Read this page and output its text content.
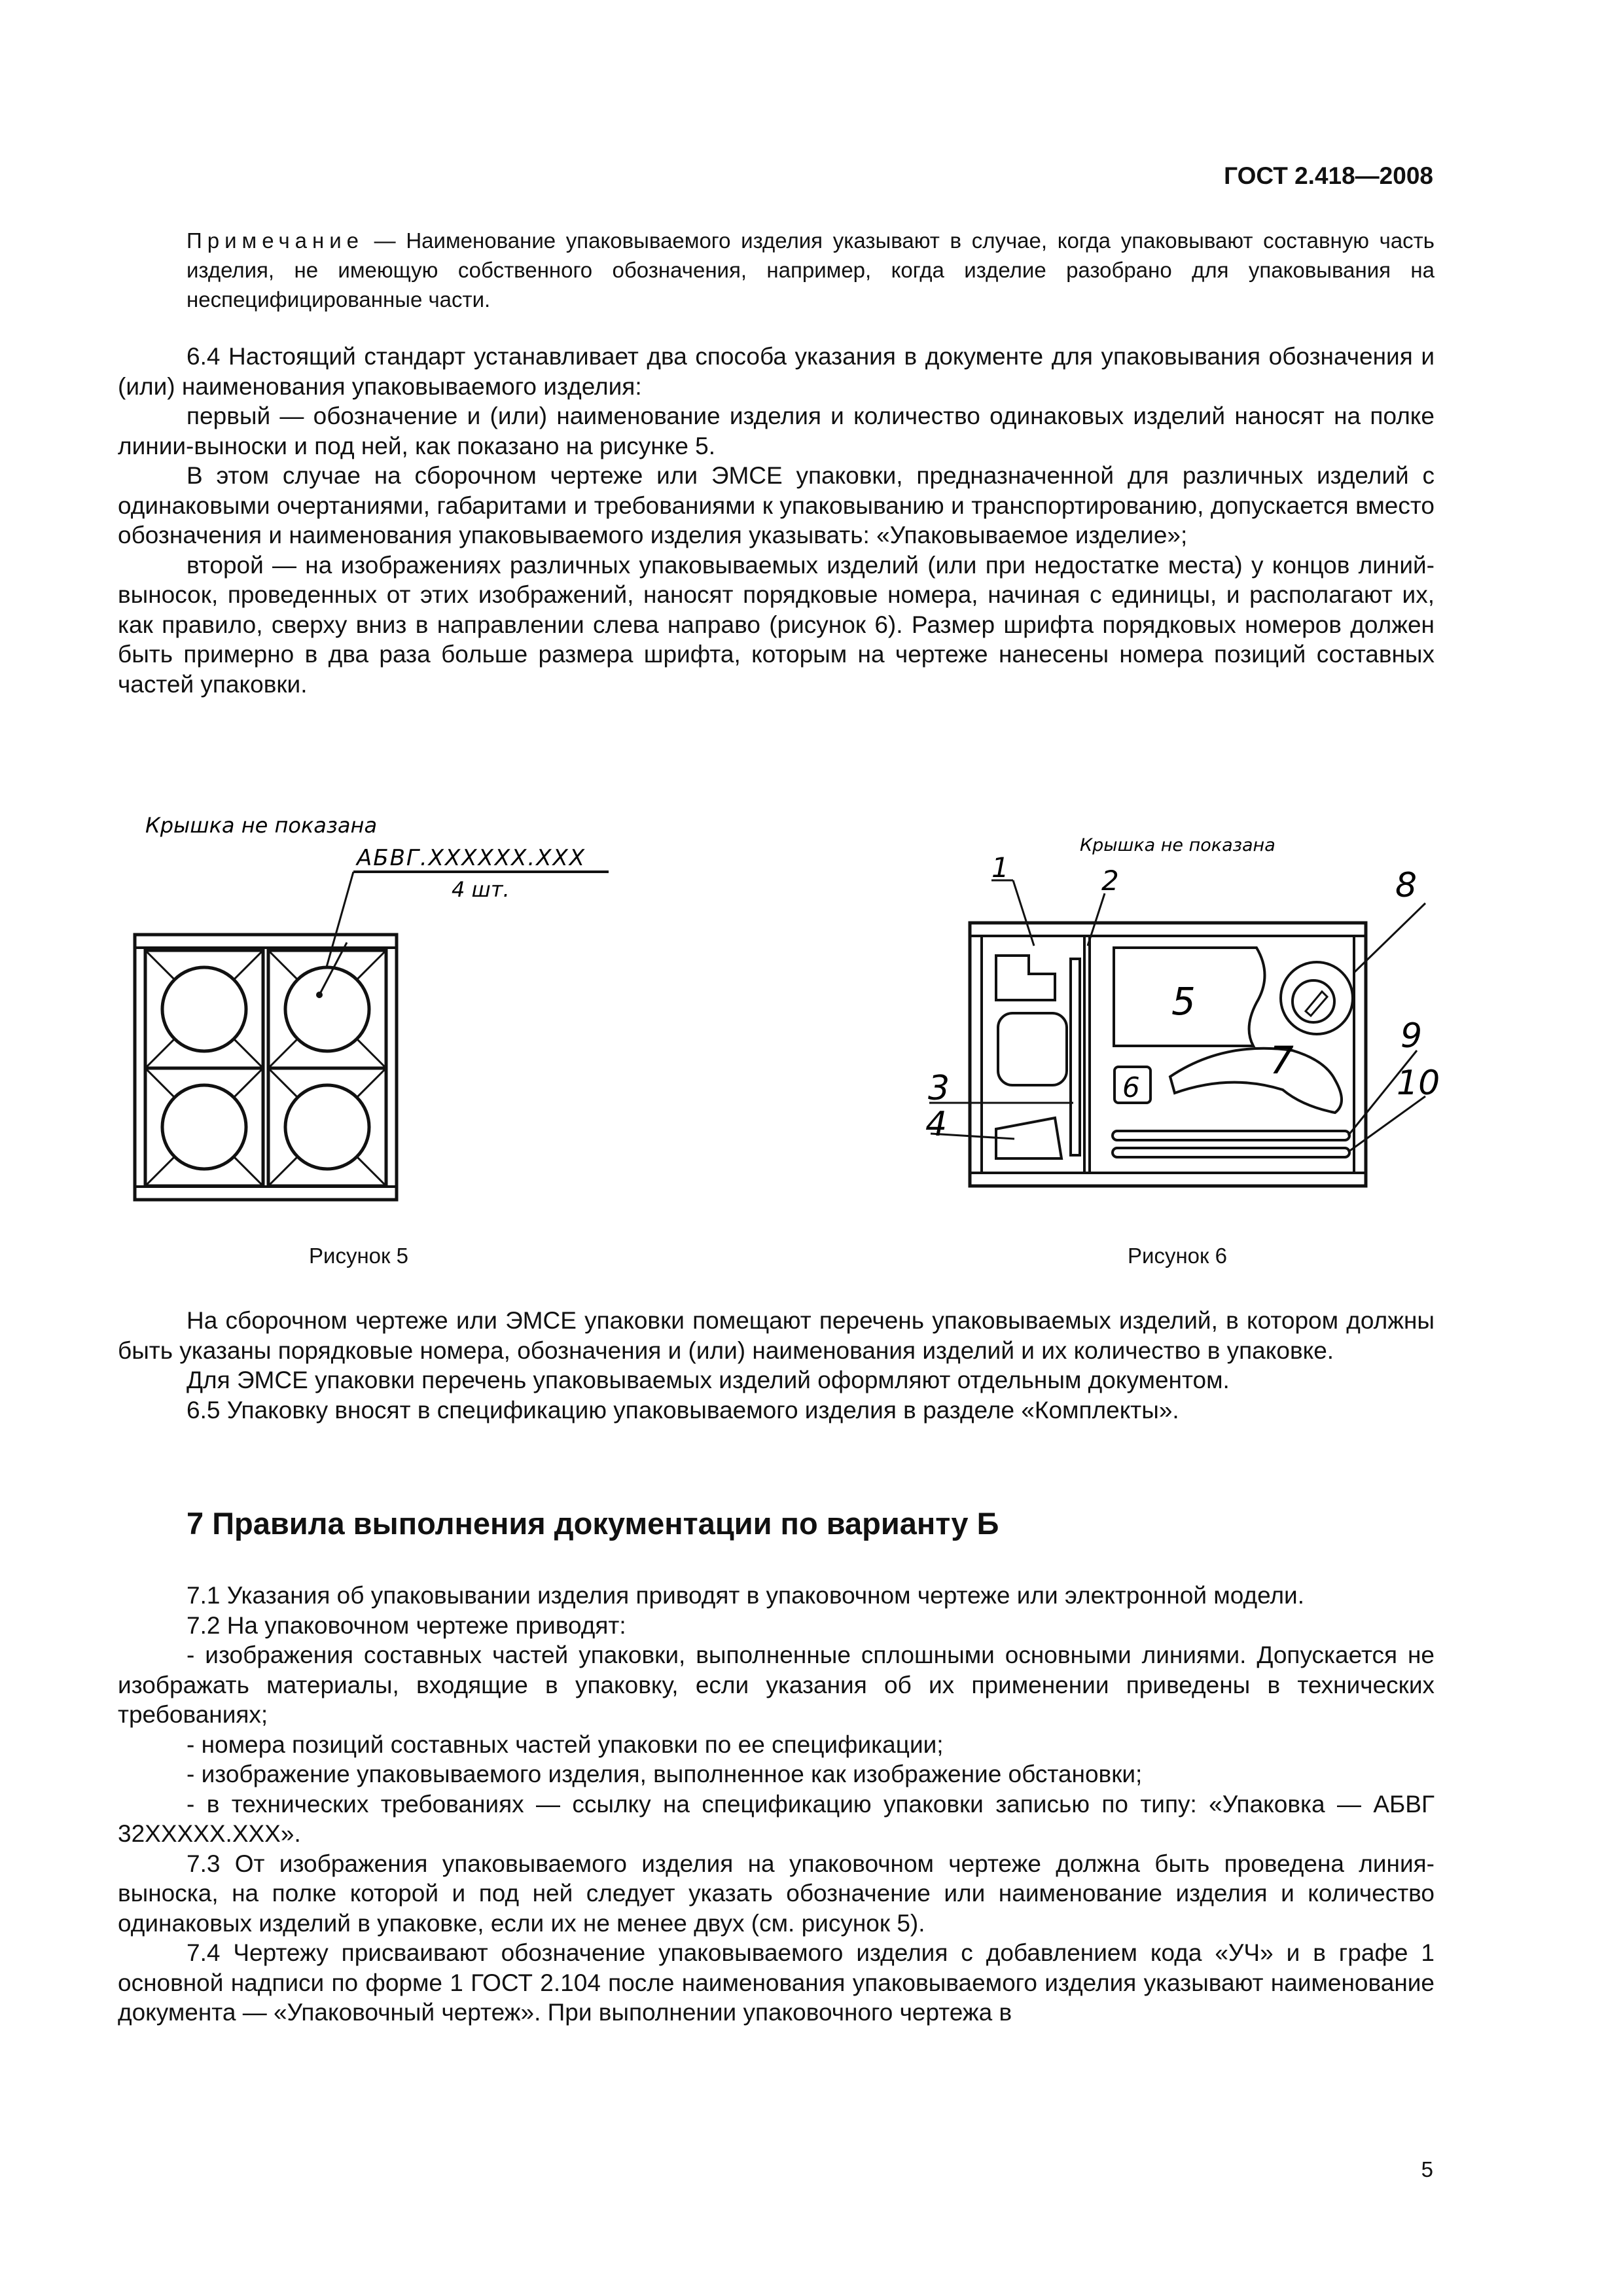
ГОСТ 2.418—2008

Примечание — Наименование упаковываемого изделия указывают в случае, когда упаковывают составную часть изделия, не имеющую собственного обозначения, например, когда изделие разобрано для упаковывания на неспецифицированные части.

6.4 Настоящий стандарт устанавливает два способа указания в документе для упаковывания обозначения и (или) наименования упаковываемого изделия:

первый — обозначение и (или) наименование изделия и количество одинаковых изделий наносят на полке линии-выноски и под ней, как показано на рисунке 5.

В этом случае на сборочном чертеже или ЭМСЕ упаковки, предназначенной для различных изделий с одинаковыми очертаниями, габаритами и требованиями к упаковыванию и транспортированию, допускается вместо обозначения и наименования упаковываемого изделия указывать: «Упаковываемое изделие»;

второй — на изображениях различных упаковываемых изделий (или при недостатке места) у концов линий-выносок, проведенных от этих изображений, наносят порядковые номера, начиная с единицы, и располагают их, как правило, сверху вниз в направлении слева направо (рисунок 6). Размер шрифта порядковых номеров должен быть примерно в два раза больше размера шрифта, которым на чертеже нанесены номера позиций составных частей упаковки.

Крышка не показана
АБВГ.XXXXXX.XXX
4 шт.
Рисунок 5
Крышка не показана
1	2
3
4
5
6
7
8
9
10
Рисунок 6

На сборочном чертеже или ЭМСЕ упаковки помещают перечень упаковываемых изделий, в котором должны быть указаны порядковые номера, обозначения и (или) наименования изделий и их количество в упаковке.

Для ЭМСЕ упаковки перечень упаковываемых изделий оформляют отдельным документом.

6.5 Упаковку вносят в спецификацию упаковываемого изделия в разделе «Комплекты».

7 Правила выполнения документации по варианту Б

7.1 Указания об упаковывании изделия приводят в упаковочном чертеже или электронной модели.

7.2 На упаковочном чертеже приводят:

- изображения составных частей упаковки, выполненные сплошными основными линиями. Допускается не изображать материалы, входящие в упаковку, если указания об их применении приведены в технических требованиях;

- номера позиций составных частей упаковки по ее спецификации;

- изображение упаковываемого изделия, выполненное как изображение обстановки;

- в технических требованиях — ссылку на спецификацию упаковки записью по типу: «Упаковка — АБВГ 32XXXXX.XXX».

7.3 От изображения упаковываемого изделия на упаковочном чертеже должна быть проведена линия-выноска, на полке которой и под ней следует указать обозначение или наименование изделия и количество одинаковых изделий в упаковке, если их не менее двух (см. рисунок 5).

7.4 Чертежу присваивают обозначение упаковываемого изделия с добавлением кода «УЧ» и в графе 1 основной надписи по форме 1 ГОСТ 2.104 после наименования упаковываемого изделия указывают наименование документа — «Упаковочный чертеж». При выполнении упаковочного чертежа в

5
